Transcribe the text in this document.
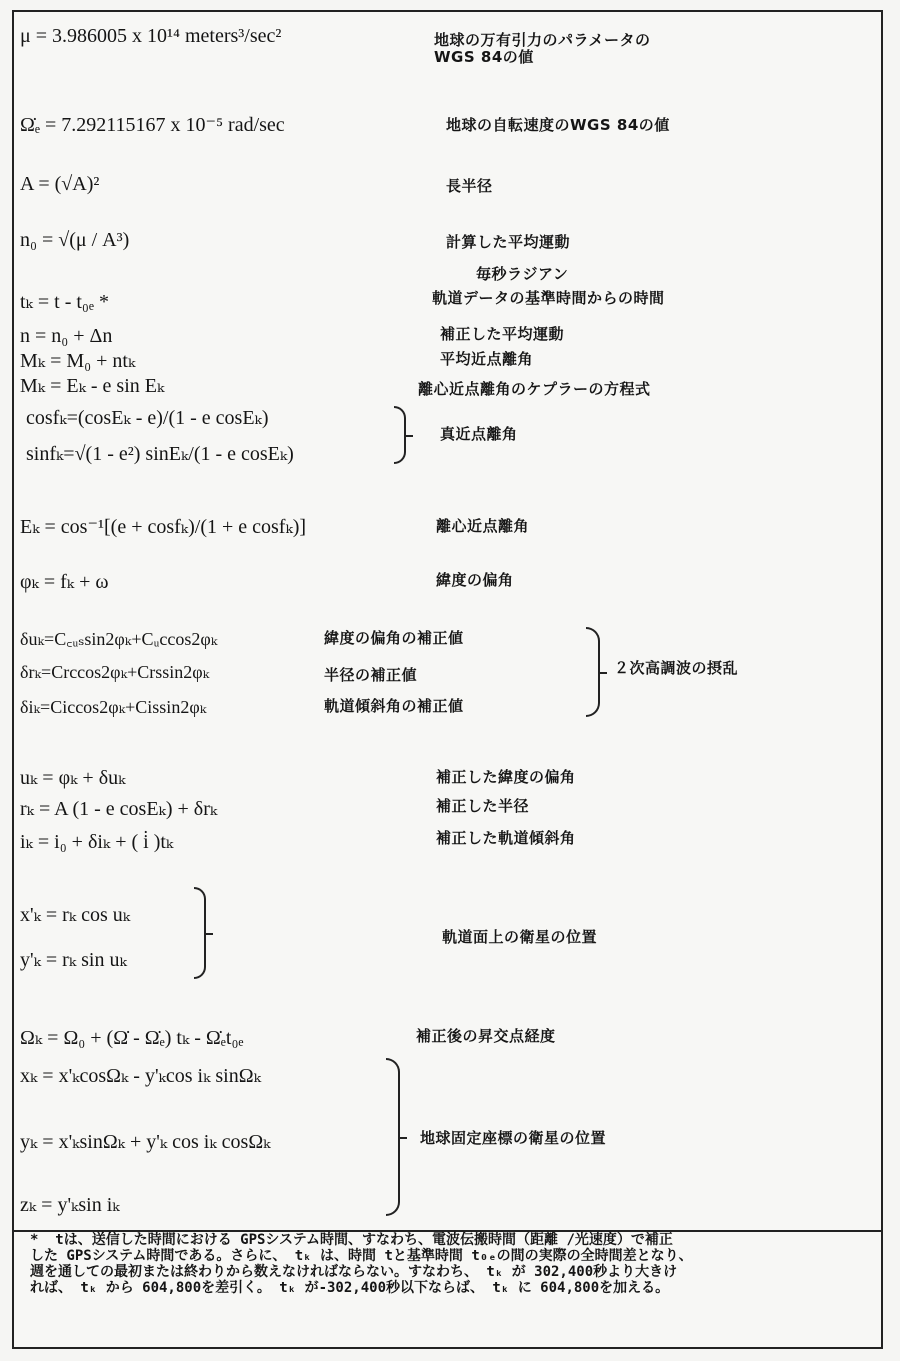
μ = 3.986005 x 10¹⁴ meters³/sec²	地球の万有引力のパラメータの
WGS 84の値
Ω̇ₑ = 7.292115167 x 10⁻⁵ rad/sec	地球の自転速度のWGS 84の値
A = (√A)²	長半径
n₀ = √(μ / A³)	計算した平均運動
毎秒ラジアン
tₖ = t - t₀ₑ *	軌道データの基準時間からの時間
n = n₀ + Δn	補正した平均運動
Mₖ = M₀ + ntₖ	平均近点離角
Mₖ = Eₖ - e sin Eₖ	離心近点離角のケプラーの方程式
cosfₖ=(cosEₖ - e)/(1 - e cosEₖ)
sinfₖ=√(1 - e²) sinEₖ/(1 - e cosEₖ)
真近点離角
Eₖ = cos⁻¹[(e + cosfₖ)/(1 + e cosfₖ)]	離心近点離角
φₖ = fₖ + ω	緯度の偏角
δuₖ=C꜀ᵤₛsin2φₖ+Cᵤccos2φₖ	緯度の偏角の補正値
δrₖ=Crccos2φₖ+Crssin2φₖ	半径の補正値
δiₖ=Ciccos2φₖ+Cissin2φₖ	軌道傾斜角の補正値
２次高調波の摂乱
uₖ = φₖ + δuₖ	補正した緯度の偏角
rₖ = A (1 - e cosEₖ) + δrₖ	補正した半径
iₖ = i₀ + δiₖ + ( i̇ )tₖ	補正した軌道傾斜角
x'ₖ = rₖ cos uₖ
y'ₖ = rₖ sin uₖ
軌道面上の衛星の位置
Ωₖ = Ω₀ + (Ω̇ - Ω̇ₑ) tₖ - Ω̇ₑt₀ₑ	補正後の昇交点経度
xₖ = x'ₖcosΩₖ - y'ₖcos iₖ sinΩₖ
yₖ = x'ₖsinΩₖ + y'ₖ cos iₖ cosΩₖ
zₖ = y'ₖsin iₖ
地球固定座標の衛星の位置
*  tは、送信した時間における GPSシステム時間、すなわち、電波伝搬時間（距離 /光速度）で補正
した GPSシステム時間である。さらに、 tₖ は、時間 tと基準時間 t₀ₑの間の実際の全時間差となり、
週を通しての最初または終わりから数えなければならない。すなわち、 tₖ が 302,400秒より大きけ
れば、 tₖ から 604,800を差引く。 tₖ が-302,400秒以下ならば、 tₖ に 604,800を加える。
